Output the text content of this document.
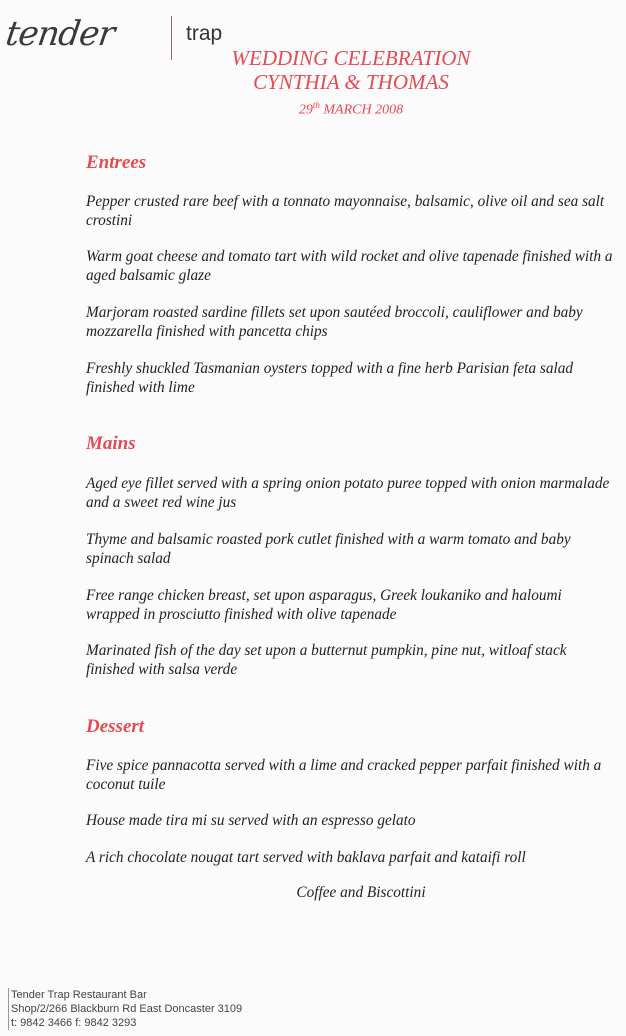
tender	trap
WEDDING CELEBRATION
CYNTHIA & THOMAS
29th MARCH 2008
Entrees
Pepper crusted rare beef with a tonnato mayonnaise, balsamic, olive oil and sea salt crostini
Warm goat cheese and tomato tart with wild rocket and olive tapenade finished with a aged balsamic glaze
Marjoram roasted sardine fillets set upon sautéed broccoli, cauliflower and baby mozzarella finished with pancetta chips
Freshly shuckled Tasmanian oysters topped with a fine herb Parisian feta salad finished with lime
Mains
Aged eye fillet served with a spring onion potato puree topped with onion marmalade and a sweet red wine jus
Thyme and balsamic roasted pork cutlet finished with a warm tomato and baby spinach salad
Free range chicken breast, set upon asparagus, Greek loukaniko and haloumi wrapped in prosciutto finished with olive tapenade
Marinated fish of the day set upon a butternut pumpkin, pine nut, witloaf stack finished with salsa verde
Dessert
Five spice pannacotta served with a lime and cracked pepper parfait finished with a coconut tuile
House made tira mi su served with an espresso gelato
A rich chocolate nougat tart served with baklava parfait and kataifi roll
Coffee and Biscottini
Tender Trap Restaurant Bar
Shop/2/266 Blackburn Rd East Doncaster 3109
t: 9842 3466 f: 9842 3293
